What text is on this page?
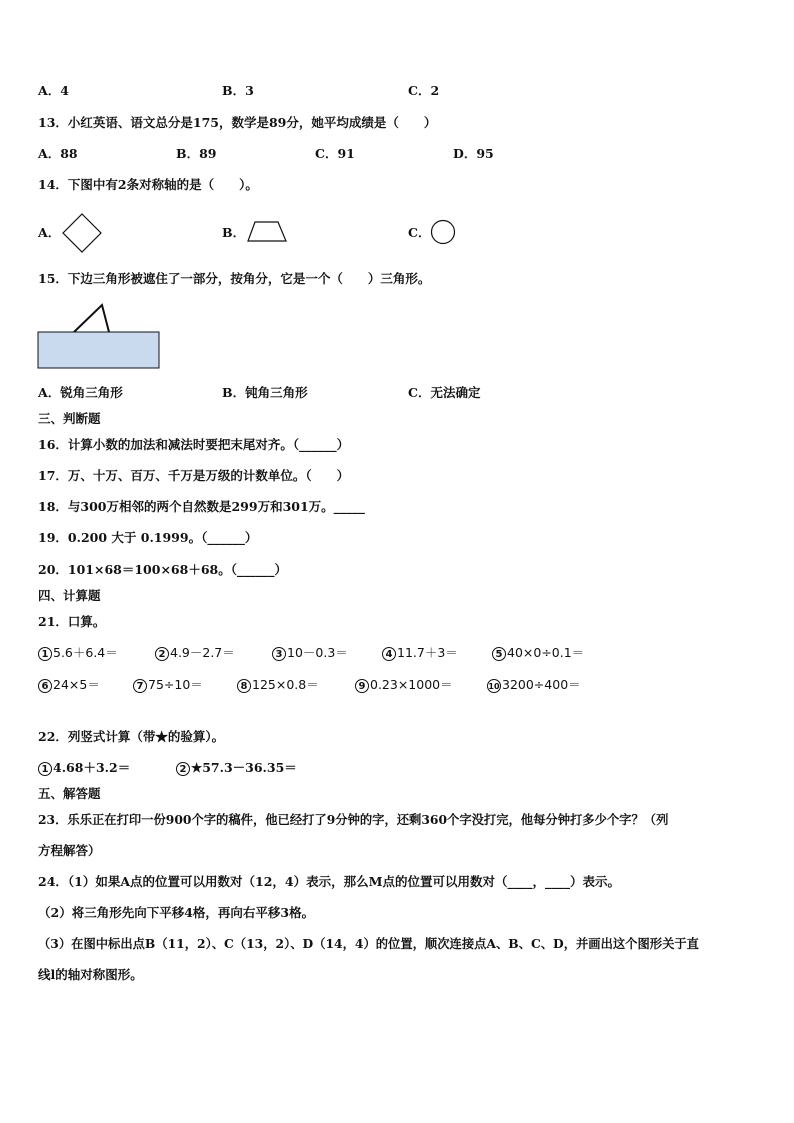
A．4	B．3	C．2
13．小红英语、语文总分是175，数学是89分，她平均成绩是（　　）
A．88	B．89	C．91	D．95
14．下图中有2条对称轴的是（　　）。
A．	B．	C．
15．下边三角形被遮住了一部分，按角分，它是一个（　　）三角形。
A．锐角三角形	B．钝角三角形	C．无法确定
三、判断题
16．计算小数的加法和减法时要把末尾对齐。（______）
17．万、十万、百万、千万是万级的计数单位。（　　）
18．与300万相邻的两个自然数是299万和301万。_____
19．0.200 大于 0.1999。（______）
20．101×68＝100×68＋68。（______）
四、计算题
21．口算。
1 5.6＋6.4＝	2 4.9－2.7＝	3 10－0.3＝	4 11.7＋3＝	5 40×0÷0.1＝
6 24×5＝	7 75÷10＝	8 125×0.8＝	9 0.23×1000＝	10 3200÷400＝
22．列竖式计算（带★的验算）。
1 4.68＋3.2＝	2 ★57.3－36.35＝
五、解答题
23．乐乐正在打印一份900个字的稿件，他已经打了9分钟的字，还剩360个字没打完，他每分钟打多少个字？（列
方程解答）
24．（1）如果A点的位置可以用数对（12，4）表示，那么M点的位置可以用数对（____，____）表示。
（2）将三角形先向下平移4格，再向右平移3格。
（3）在图中标出点B（11，2）、C（13，2）、D（14，4）的位置，顺次连接点A、B、C、D，并画出这个图形关于直
线l的轴对称图形。
